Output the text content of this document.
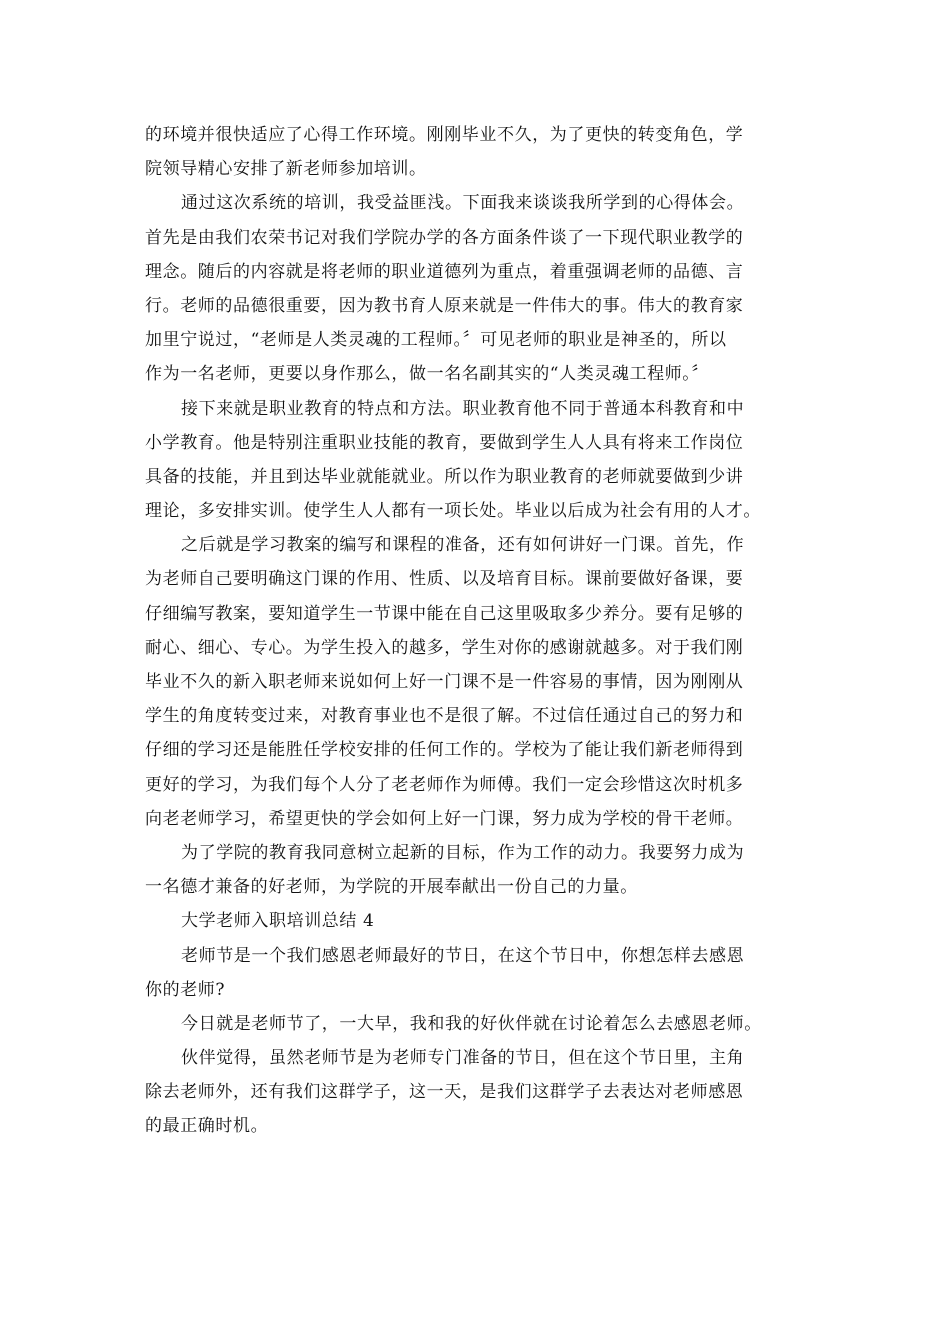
的环境并很快适应了心得工作环境。刚刚毕业不久，为了更快的转变角色，学
院领导精心安排了新老师参加培训。
通过这次系统的培训，我受益匪浅。下面我来谈谈我所学到的心得体会。
首先是由我们农荣书记对我们学院办学的各方面条件谈了一下现代职业教学的
理念。随后的内容就是将老师的职业道德列为重点，着重强调老师的品德、言
行。老师的品德很重要，因为教书育人原来就是一件伟大的事。伟大的教育家
加里宁说过，“老师是人类灵魂的工程师。〞可见老师的职业是神圣的，所以
作为一名老师，更要以身作那么，做一名名副其实的“人类灵魂工程师。〞
接下来就是职业教育的特点和方法。职业教育他不同于普通本科教育和中
小学教育。他是特别注重职业技能的教育，要做到学生人人具有将来工作岗位
具备的技能，并且到达毕业就能就业。所以作为职业教育的老师就要做到少讲
理论，多安排实训。使学生人人都有一项长处。毕业以后成为社会有用的人才。
之后就是学习教案的编写和课程的准备，还有如何讲好一门课。首先，作
为老师自己要明确这门课的作用、性质、以及培育目标。课前要做好备课，要
仔细编写教案，要知道学生一节课中能在自己这里吸取多少养分。要有足够的
耐心、细心、专心。为学生投入的越多，学生对你的感谢就越多。对于我们刚
毕业不久的新入职老师来说如何上好一门课不是一件容易的事情，因为刚刚从
学生的角度转变过来，对教育事业也不是很了解。不过信任通过自己的努力和
仔细的学习还是能胜任学校安排的任何工作的。学校为了能让我们新老师得到
更好的学习，为我们每个人分了老老师作为师傅。我们一定会珍惜这次时机多
向老老师学习，希望更快的学会如何上好一门课，努力成为学校的骨干老师。
为了学院的教育我同意树立起新的目标，作为工作的动力。我要努力成为
一名德才兼备的好老师，为学院的开展奉献出一份自己的力量。
大学老师入职培训总结 4
老师节是一个我们感恩老师最好的节日，在这个节日中，你想怎样去感恩
你的老师?
今日就是老师节了，一大早，我和我的好伙伴就在讨论着怎么去感恩老师。
伙伴觉得，虽然老师节是为老师专门准备的节日，但在这个节日里，主角
除去老师外，还有我们这群学子，这一天，是我们这群学子去表达对老师感恩
的最正确时机。
